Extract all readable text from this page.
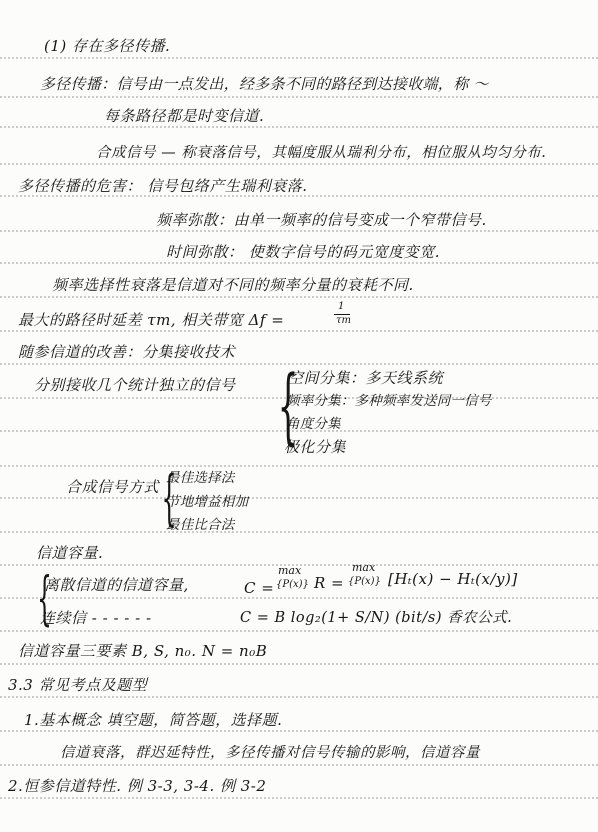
(1) 存在多径传播.
多径传播：信号由一点发出，经多条不同的路径到达接收端，称 ～
每条路径都是时变信道.
合成信号 — 称衰落信号，其幅度服从瑞利分布，相位服从均匀分布.
多径传播的危害： 信号包络产生瑞利衰落.
频率弥散：由单一频率的信号变成一个窄带信号.
时间弥散： 使数字信号的码元宽度变宽.
频率选择性衰落是信道对不同的频率分量的衰耗不同.
最大的路径时延差 τm, 相关带宽 Δf =
1
τm
随参信道的改善：分集接收技术
分别接收几个统计独立的信号 {
空间分集：多天线系统
频率分集：多种频率发送同一信号
角度分集
极化分集
合成信号方式 {
最佳选择法
节地增益相加
最佳比合法
信道容量.
{
离散信道的信道容量,	C =
max
{P(x)} R =
max
{P(x)} [Hₜ(x) − Hₜ(x/y)]
连续信 - - - - - -	C = B log₂(1+ S/N) (bit/s) 香农公式.
信道容量三要素 B, S, n₀. N = n₀B
3.3 常见考点及题型
1.基本概念 填空题，简答题，选择题.
信道衰落，群迟延特性，多径传播对信号传输的影响，信道容量
2.恒参信道特性. 例 3-3, 3-4. 例 3-2
